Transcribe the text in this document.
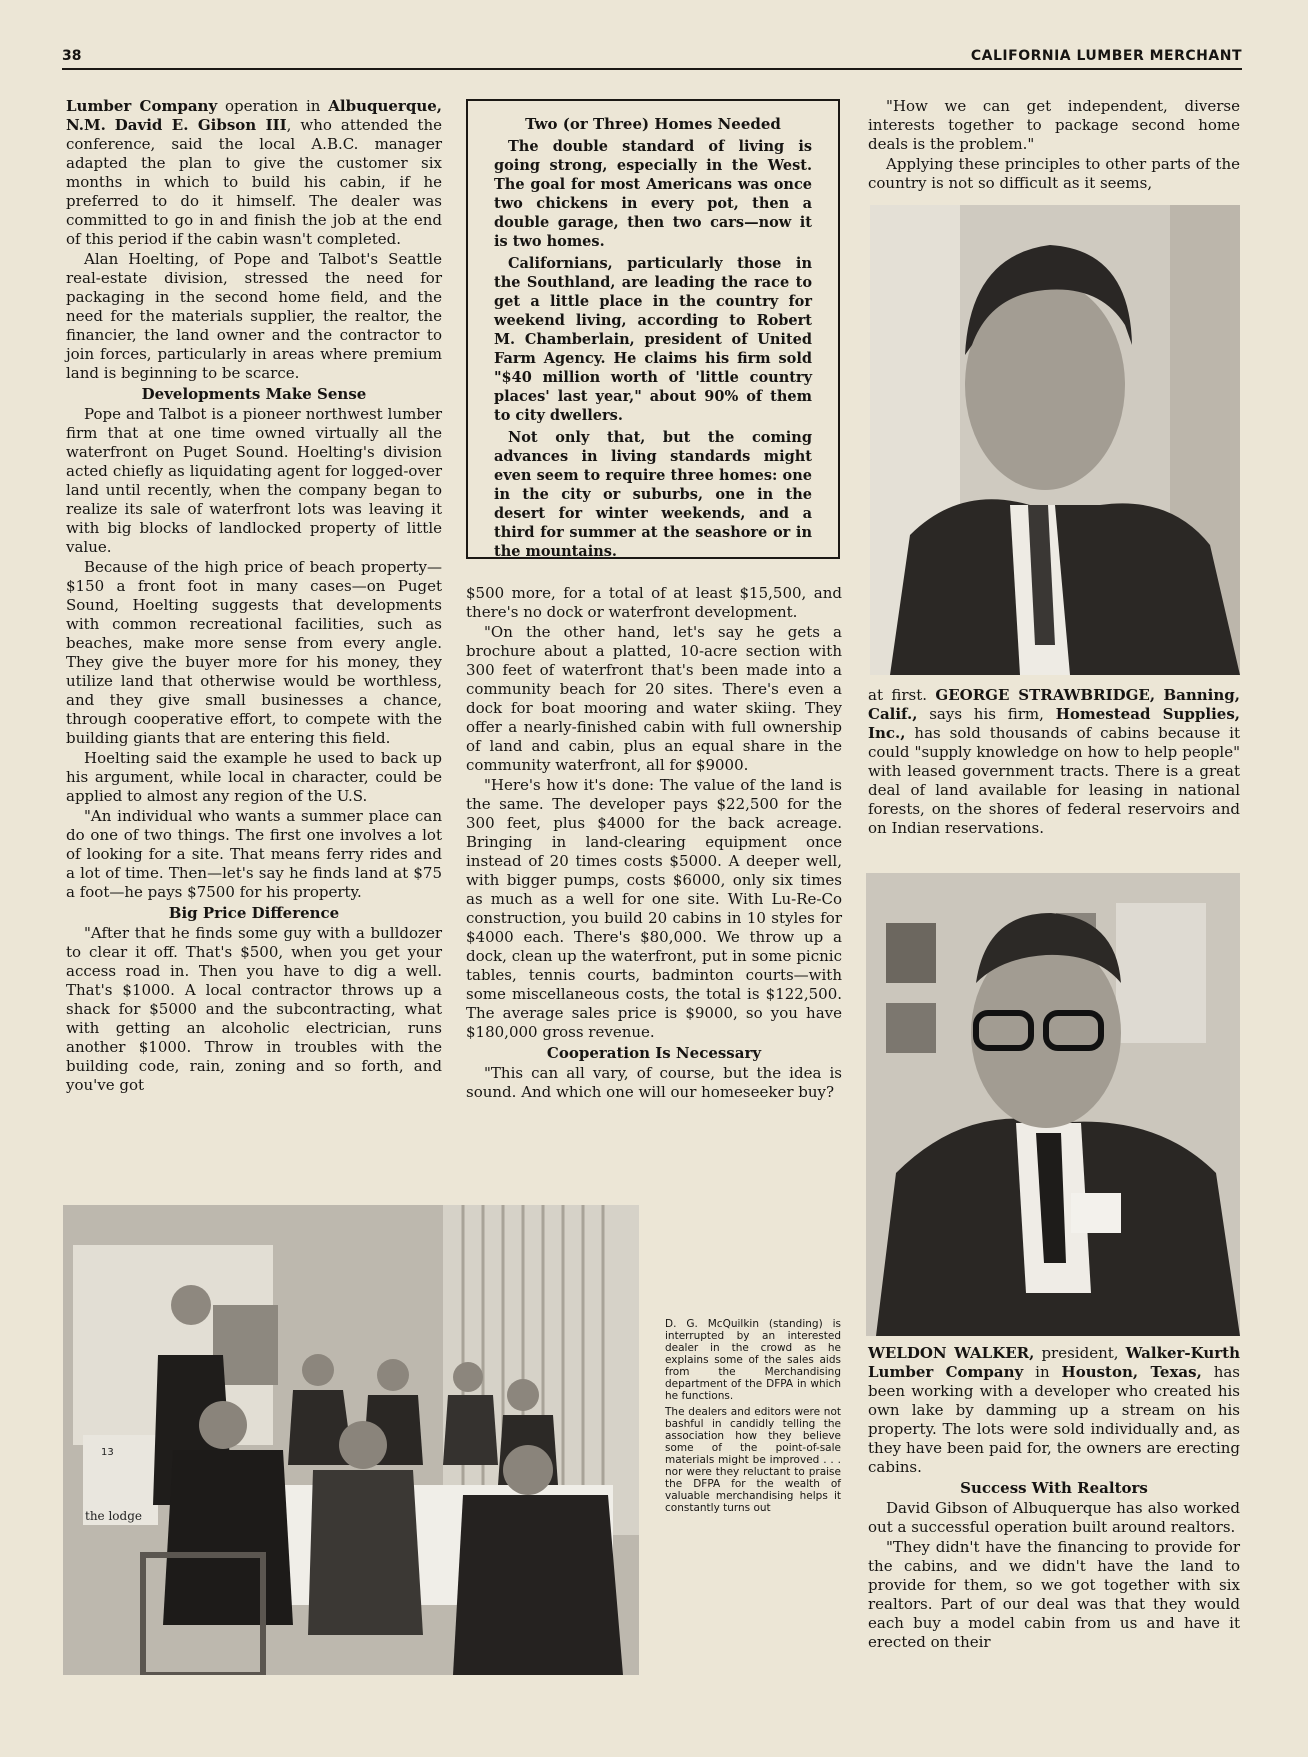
38	CALIFORNIA LUMBER MERCHANT

Lumber Company operation in Albuquerque, N.M. David E. Gibson III, who attended the conference, said the local A.B.C. manager adapted the plan to give the customer six months in which to build his cabin, if he preferred to do it himself. The dealer was committed to go in and finish the job at the end of this period if the cabin wasn't completed.

Alan Hoelting, of Pope and Talbot's Seattle real-estate division, stressed the need for packaging in the second home field, and the need for the materials supplier, the realtor, the financier, the land owner and the contractor to join forces, particularly in areas where premium land is beginning to be scarce.

Developments Make Sense

Pope and Talbot is a pioneer northwest lumber firm that at one time owned virtually all the waterfront on Puget Sound. Hoelting's division acted chiefly as liquidating agent for logged-over land until recently, when the company began to realize its sale of waterfront lots was leaving it with big blocks of landlocked property of little value.

Because of the high price of beach property—$150 a front foot in many cases—on Puget Sound, Hoelting suggests that developments with common recreational facilities, such as beaches, make more sense from every angle. They give the buyer more for his money, they utilize land that otherwise would be worthless, and they give small businesses a chance, through cooperative effort, to compete with the building giants that are entering this field.

Hoelting said the example he used to back up his argument, while local in character, could be applied to almost any region of the U.S.

"An individual who wants a summer place can do one of two things. The first one involves a lot of looking for a site. That means ferry rides and a lot of time. Then—let's say he finds land at $75 a foot—he pays $7500 for his property.

Big Price Difference

"After that he finds some guy with a bulldozer to clear it off. That's $500, when you get your access road in. Then you have to dig a well. That's $1000. A local contractor throws up a shack for $5000 and the subcontracting, what with getting an alcoholic electrician, runs another $1000. Throw in troubles with the building code, rain, zoning and so forth, and you've got

Two (or Three) Homes Needed

The double standard of living is going strong, especially in the West. The goal for most Americans was once two chickens in every pot, then a double garage, then two cars—now it is two homes.

Californians, particularly those in the Southland, are leading the race to get a little place in the country for weekend living, according to Robert M. Chamberlain, president of United Farm Agency. He claims his firm sold "$40 million worth of 'little country places' last year," about 90% of them to city dwellers.

Not only that, but the coming advances in living standards might even seem to require three homes: one in the city or suburbs, one in the desert for winter weekends, and a third for summer at the seashore or in the mountains.

$500 more, for a total of at least $15,500, and there's no dock or waterfront development.

"On the other hand, let's say he gets a brochure about a platted, 10-acre section with 300 feet of waterfront that's been made into a community beach for 20 sites. There's even a dock for boat mooring and water skiing. They offer a nearly-finished cabin with full ownership of land and cabin, plus an equal share in the community waterfront, all for $9000.

"Here's how it's done: The value of the land is the same. The developer pays $22,500 for the 300 feet, plus $4000 for the back acreage. Bringing in land-clearing equipment once instead of 20 times costs $5000. A deeper well, with bigger pumps, costs $6000, only six times as much as a well for one site. With Lu-Re-Co construction, you build 20 cabins in 10 styles for $4000 each. There's $80,000. We throw up a dock, clean up the waterfront, put in some picnic tables, tennis courts, badminton courts—with some miscellaneous costs, the total is $122,500. The average sales price is $9000, so you have $180,000 gross revenue.

Cooperation Is Necessary

"This can all vary, of course, but the idea is sound. And which one will our homeseeker buy?

"How we can get independent, diverse interests together to package second home deals is the problem."

Applying these principles to other parts of the country is not so difficult as it seems,

at first. GEORGE STRAWBRIDGE, Banning, Calif., says his firm, Homestead Supplies, Inc., has sold thousands of cabins because it could "supply knowledge on how to help people" with leased government tracts. There is a great deal of land available for leasing in national forests, on the shores of federal reservoirs and on Indian reservations.

WELDON WALKER, president, Walker-Kurth Lumber Company in Houston, Texas, has been working with a developer who created his own lake by damming up a stream on his property. The lots were sold individually and, as they have been paid for, the owners are erecting cabins.

Success With Realtors

David Gibson of Albuquerque has also worked out a successful operation built around realtors.

"They didn't have the financing to provide for the cabins, and we didn't have the land to provide for them, so we got together with six realtors. Part of our deal was that they would each buy a model cabin from us and have it erected on their

13
the lodge

D. G. McQuilkin (standing) is interrupted by an interested dealer in the crowd as he explains some of the sales aids from the Merchandising department of the DFPA in which he functions.

The dealers and editors were not bashful in candidly telling the association how they believe some of the point-of-sale materials might be improved . . . nor were they reluctant to praise the DFPA for the wealth of valuable merchandising helps it constantly turns out
